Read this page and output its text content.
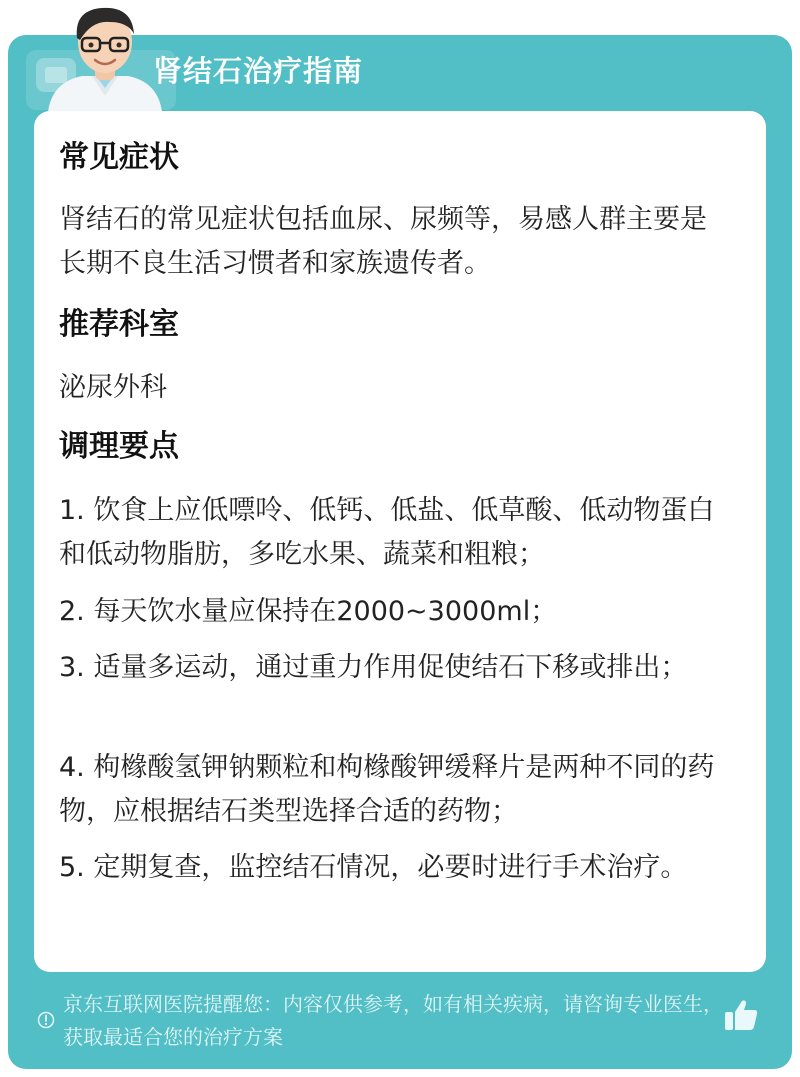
肾结石治疗指南
常见症状

肾结石的常见症状包括血尿、尿频等，易感人群主要是长期不良生活习惯者和家族遗传者。

推荐科室

泌尿外科

调理要点

1. 饮食上应低嘌呤、低钙、低盐、低草酸、低动物蛋白和低动物脂肪，多吃水果、蔬菜和粗粮；

2. 每天饮水量应保持在2000~3000ml；

3. 适量多运动，通过重力作用促使结石下移或排出；

4. 枸橼酸氢钾钠颗粒和枸橼酸钾缓释片是两种不同的药物，应根据结石类型选择合适的药物；

5. 定期复查，监控结石情况，必要时进行手术治疗。

京东互联网医院提醒您：内容仅供参考，如有相关疾病，请咨询专业医生，获取最适合您的治疗方案
